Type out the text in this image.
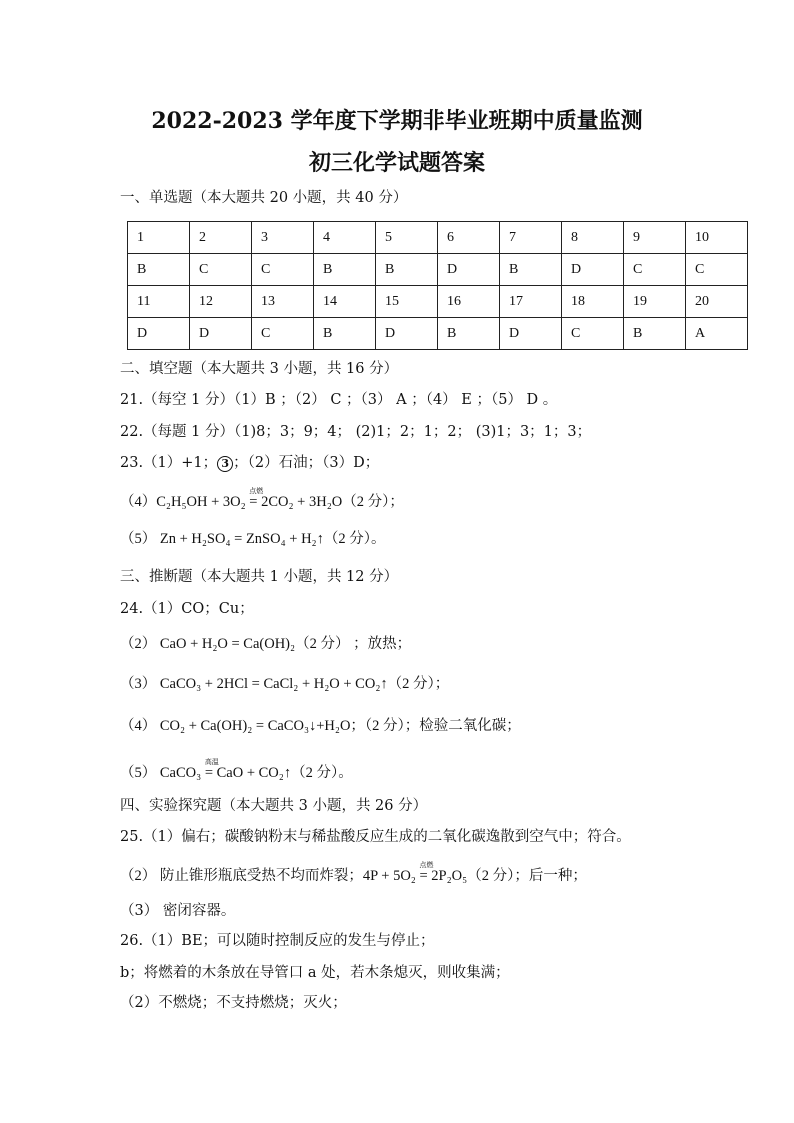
2022-2023 学年度下学期非毕业班期中质量监测
初三化学试题答案
一、单选题（本大题共 20 小题，共 40 分）
1	2	3	4	5	6	7	8	9	10
B	C	C	B	B	D	B	D	C	C
11	12	13	14	15	16	17	18	19	20
D	D	C	B	D	B	D	C	B	A
二、填空题（本大题共 3 小题，共 16 分）
21.（每空 1 分）（1）B ；（2） C ；（3） A ；（4） E ；（5） D 。
22.（每题 1 分）（1)8；3；9；4； (2)1；2；1；2； (3)1；3；1；3；
23.（1）+1； 3 ；（2）石油；（3）D；
（4）C₂H₅OH + 3O₂
点燃
= 2CO₂ + 3H₂O（2 分）；
（5） Zn + H₂SO₄ = ZnSO₄ + H₂↑（2 分）。
三、推断题（本大题共 1 小题，共 12 分）
24.（1）CO；Cu；
（2） CaO + H₂O = Ca(OH)₂（2 分） ；放热；
（3） CaCO₃ + 2HCl = CaCl₂ + H₂O + CO₂↑（2 分）；
（4） CO₂ + Ca(OH)₂ = CaCO₃↓+H₂O；（2 分）；检验二氧化碳；
（5） CaCO₃
高温
= CaO + CO₂↑（2 分）。
四、实验探究题（本大题共 3 小题，共 26 分）
25.（1）偏右；碳酸钠粉末与稀盐酸反应生成的二氧化碳逸散到空气中；符合。
（2） 防止锥形瓶底受热不均而炸裂；4P + 5O₂
点燃
= 2P₂O₅（2 分）；后一种；
（3） 密闭容器。
26.（1）BE；可以随时控制反应的发生与停止；
b；将燃着的木条放在导管口 a 处，若木条熄灭，则收集满；
（2）不燃烧；不支持燃烧；灭火；
